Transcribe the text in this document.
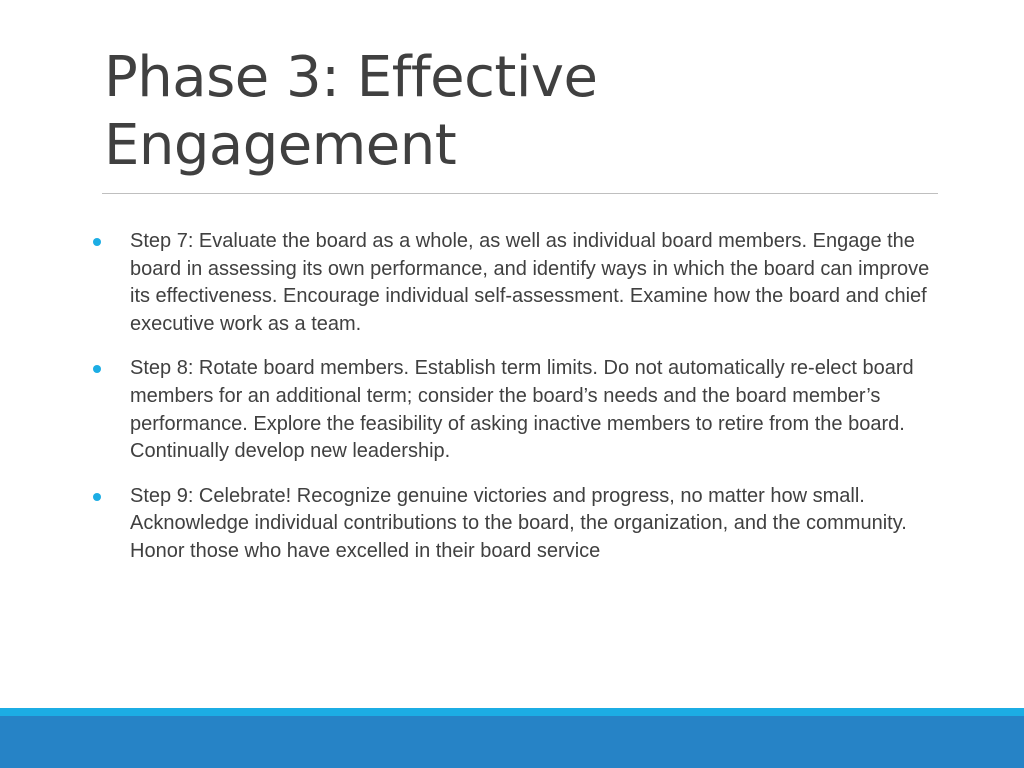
Phase 3: Effective
Engagement
Step 7: Evaluate the board as a whole, as well as individual board members. Engage the board in assessing its own performance, and identify ways in which the board can improve its effectiveness. Encourage individual self-assessment. Examine how the board and chief executive work as a team.
Step 8: Rotate board members. Establish term limits. Do not automatically re-elect board members for an additional term; consider the board’s needs and the board member’s performance. Explore the feasibility of asking inactive members to retire from the board. Continually develop new leadership.
Step 9: Celebrate! Recognize genuine victories and progress, no matter how small. Acknowledge individual contributions to the board, the organization, and the community. Honor those who have excelled in their board service
